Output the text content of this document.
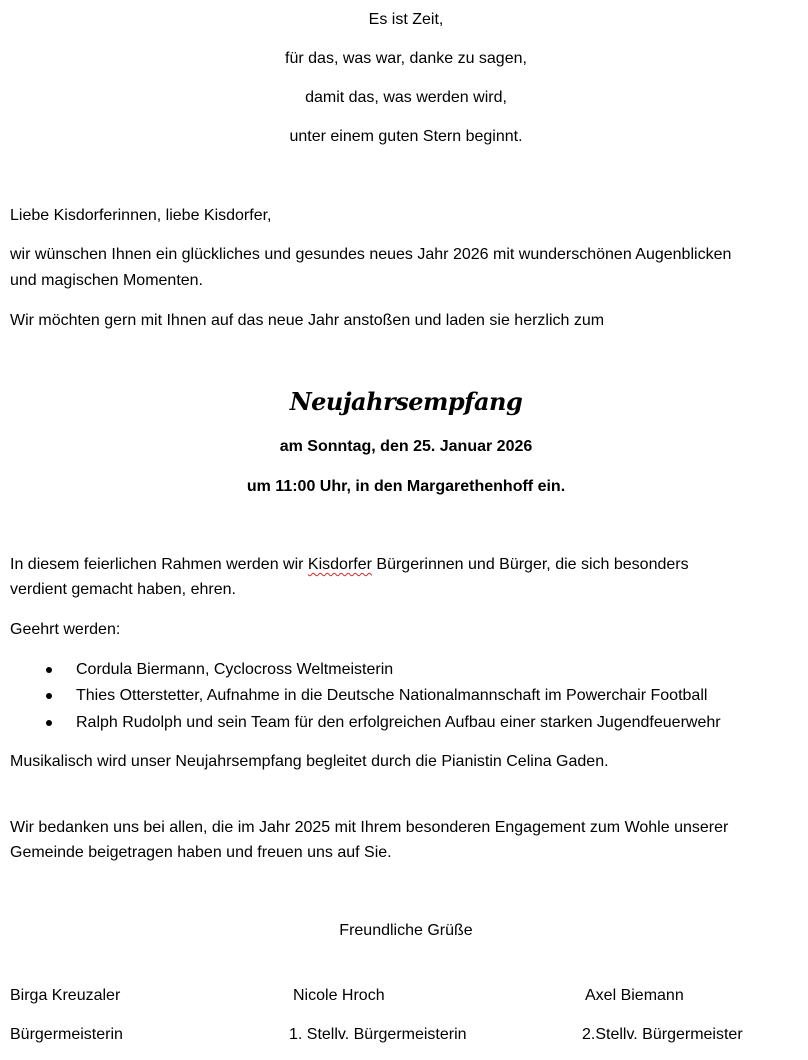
Es ist Zeit,
für das, was war, danke zu sagen,
damit das, was werden wird,
unter einem guten Stern beginnt.
Liebe Kisdorferinnen, liebe Kisdorfer,
wir wünschen Ihnen ein glückliches und gesundes neues Jahr 2026 mit wunderschönen Augenblicken
und magischen Momenten.
Wir möchten gern mit Ihnen auf das neue Jahr anstoßen und laden sie herzlich zum
Neujahrsempfang
am Sonntag, den 25. Januar 2026
um 11:00 Uhr, in den Margarethenhoff ein.
In diesem feierlichen Rahmen werden wir Kisdorfer Bürgerinnen und Bürger, die sich besonders
verdient gemacht haben, ehren.
Geehrt werden:
Cordula Biermann, Cyclocross Weltmeisterin
Thies Otterstetter, Aufnahme in die Deutsche Nationalmannschaft im Powerchair Football
Ralph Rudolph und sein Team für den erfolgreichen Aufbau einer starken Jugendfeuerwehr
Musikalisch wird unser Neujahrsempfang begleitet durch die Pianistin Celina Gaden.
Wir bedanken uns bei allen, die im Jahr 2025 mit Ihrem besonderen Engagement zum Wohle unserer
Gemeinde beigetragen haben und freuen uns auf Sie.
Freundliche Grüße
Birga Kreuzaler
Bürgermeisterin
Nicole Hroch
1. Stellv. Bürgermeisterin
Axel Biemann
2.Stellv. Bürgermeister
